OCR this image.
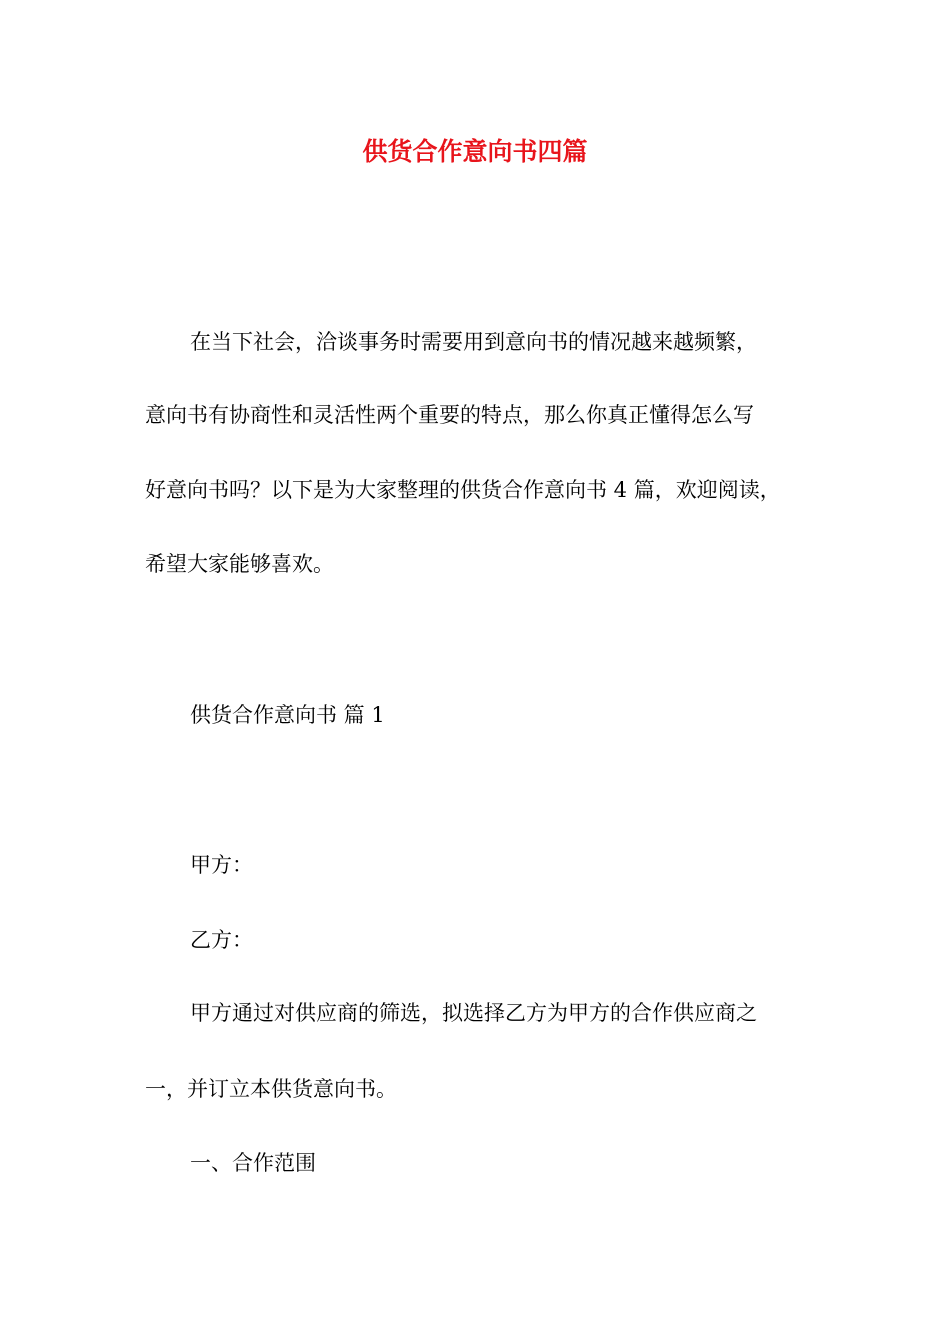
供货合作意向书四篇
在当下社会，洽谈事务时需要用到意向书的情况越来越频繁，
意向书有协商性和灵活性两个重要的特点，那么你真正懂得怎么写
好意向书吗？以下是为大家整理的供货合作意向书 4 篇，欢迎阅读，
希望大家能够喜欢。
供货合作意向书 篇 1
甲方：
乙方：
甲方通过对供应商的筛选，拟选择乙方为甲方的合作供应商之
一，并订立本供货意向书。
一、合作范围
